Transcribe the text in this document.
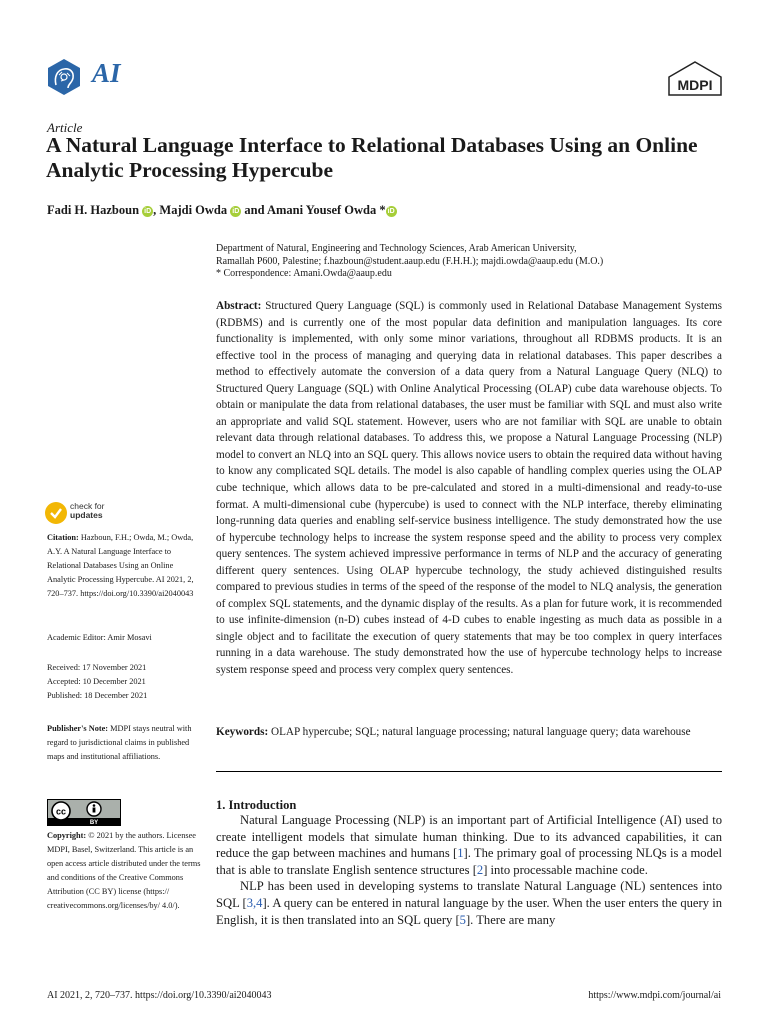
AI	MDPI
Article
A Natural Language Interface to Relational Databases Using an Online Analytic Processing Hypercube
Fadi H. Hazboun iD , Majdi Owda iD and Amani Yousef Owda * iD
Department of Natural, Engineering and Technology Sciences, Arab American University,
Ramallah P600, Palestine; f.hazboun@student.aaup.edu (F.H.H.); majdi.owda@aaup.edu (M.O.)
* Correspondence: Amani.Owda@aaup.edu
Abstract: Structured Query Language (SQL) is commonly used in Relational Database Management Systems (RDBMS) and is currently one of the most popular data definition and manipulation languages. Its core functionality is implemented, with only some minor variations, throughout all RDBMS products. It is an effective tool in the process of managing and querying data in relational databases. This paper describes a method to effectively automate the conversion of a data query from a Natural Language Query (NLQ) to Structured Query Language (SQL) with Online Analytical Processing (OLAP) cube data warehouse objects. To obtain or manipulate the data from relational databases, the user must be familiar with SQL and must also write an appropriate and valid SQL statement. However, users who are not familiar with SQL are unable to obtain relevant data through relational databases. To address this, we propose a Natural Language Processing (NLP) model to convert an NLQ into an SQL query. This allows novice users to obtain the required data without having to know any complicated SQL details. The model is also capable of handling complex queries using the OLAP cube technique, which allows data to be pre-calculated and stored in a multi-dimensional and ready-to-use format. A multi-dimensional cube (hypercube) is used to connect with the NLP interface, thereby eliminating long-running data queries and enabling self-service business intelligence. The study demonstrated how the use of hypercube technology helps to increase the system response speed and the ability to process very complex query sentences. The system achieved impressive performance in terms of NLP and the accuracy of generating different query sentences. Using OLAP hypercube technology, the study achieved distinguished results compared to previous studies in terms of the speed of the response of the model to NLQ analysis, the generation of complex SQL statements, and the dynamic display of the results. As a plan for future work, it is recommended to use infinite-dimension (n-D) cubes instead of 4-D cubes to enable ingesting as much data as possible in a single object and to facilitate the execution of query statements that may be too complex in query interfaces running in a data warehouse. The study demonstrated how the use of hypercube technology helps to increase system response speed and process very complex query sentences.
Keywords: OLAP hypercube; SQL; natural language processing; natural language query; data warehouse
check for
updates
Citation: Hazboun, F.H.; Owda, M.; Owda, A.Y. A Natural Language Interface to Relational Databases Using an Online Analytic Processing Hypercube. AI 2021, 2, 720–737. https://doi.org/10.3390/ai2040043
Academic Editor: Amir Mosavi
Received: 17 November 2021
Accepted: 10 December 2021
Published: 18 December 2021
Publisher's Note: MDPI stays neutral with regard to jurisdictional claims in published maps and institutional affiliations.
cc
BY
Copyright: © 2021 by the authors. Licensee MDPI, Basel, Switzerland. This article is an open access article distributed under the terms and conditions of the Creative Commons Attribution (CC BY) license (https:// creativecommons.org/licenses/by/ 4.0/).
1. Introduction

Natural Language Processing (NLP) is an important part of Artificial Intelligence (AI) used to create intelligent models that simulate human thinking. Due to its advanced capabilities, it can reduce the gap between machines and humans [1]. The primary goal of processing NLQs is a model that is able to translate English sentence structures [2] into processable machine code.

NLP has been used in developing systems to translate Natural Language (NL) sentences into SQL [3,4]. A query can be entered in natural language by the user. When the user enters the query in English, it is then translated into an SQL query [5]. There are many

AI 2021, 2, 720–737. https://doi.org/10.3390/ai2040043	https://www.mdpi.com/journal/ai
